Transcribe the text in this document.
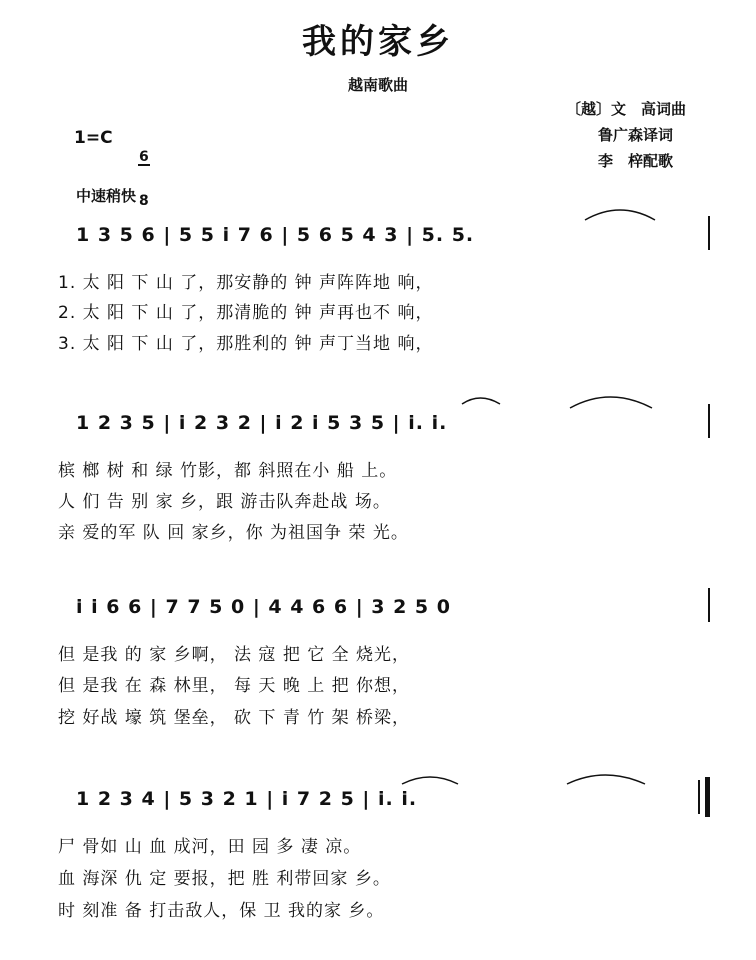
我的家乡
越南歌曲
〔越〕文　高词曲
鲁广森译词
李　梓配歌
1=C

$\frac{6}{8}$

中速稍快
1 3 5 6 | 5 5 i 7 6 | 5 6 5 4 3 | 5. 5.
1. 太 阳 下 山 了，那安静的 钟 声阵阵地 响，
2. 太 阳 下 山 了，那清脆的 钟 声再也不 响，
3. 太 阳 下 山 了，那胜利的 钟 声丁当地 响，
1 2 3 5 | i 2 3 2 | i 2 i 5 3 5 | i. i.
槟 榔 树 和 绿 竹影，都 斜照在小 船 上。
人 们 告 别 家 乡，跟 游击队奔赴战 场。
亲 爱的军 队 回 家乡，你 为祖国争 荣 光。
i i 6 6 | 7 7 5 0 | 4 4 6 6 | 3 2 5 0
但 是我 的 家 乡啊， 法 寇 把 它 全 烧光，
但 是我 在 森 林里， 每 天 晚 上 把 你想，
挖 好战 壕 筑 堡垒， 砍 下 青 竹 架 桥梁，
1 2 3 4 | 5 3 2 1 | i 7 2 5 | i. i.
尸 骨如 山 血 成河，田 园 多 凄 凉。
血 海深 仇 定 要报，把 胜 利带回家 乡。
时 刻准 备 打击敌人，保 卫 我的家 乡。
